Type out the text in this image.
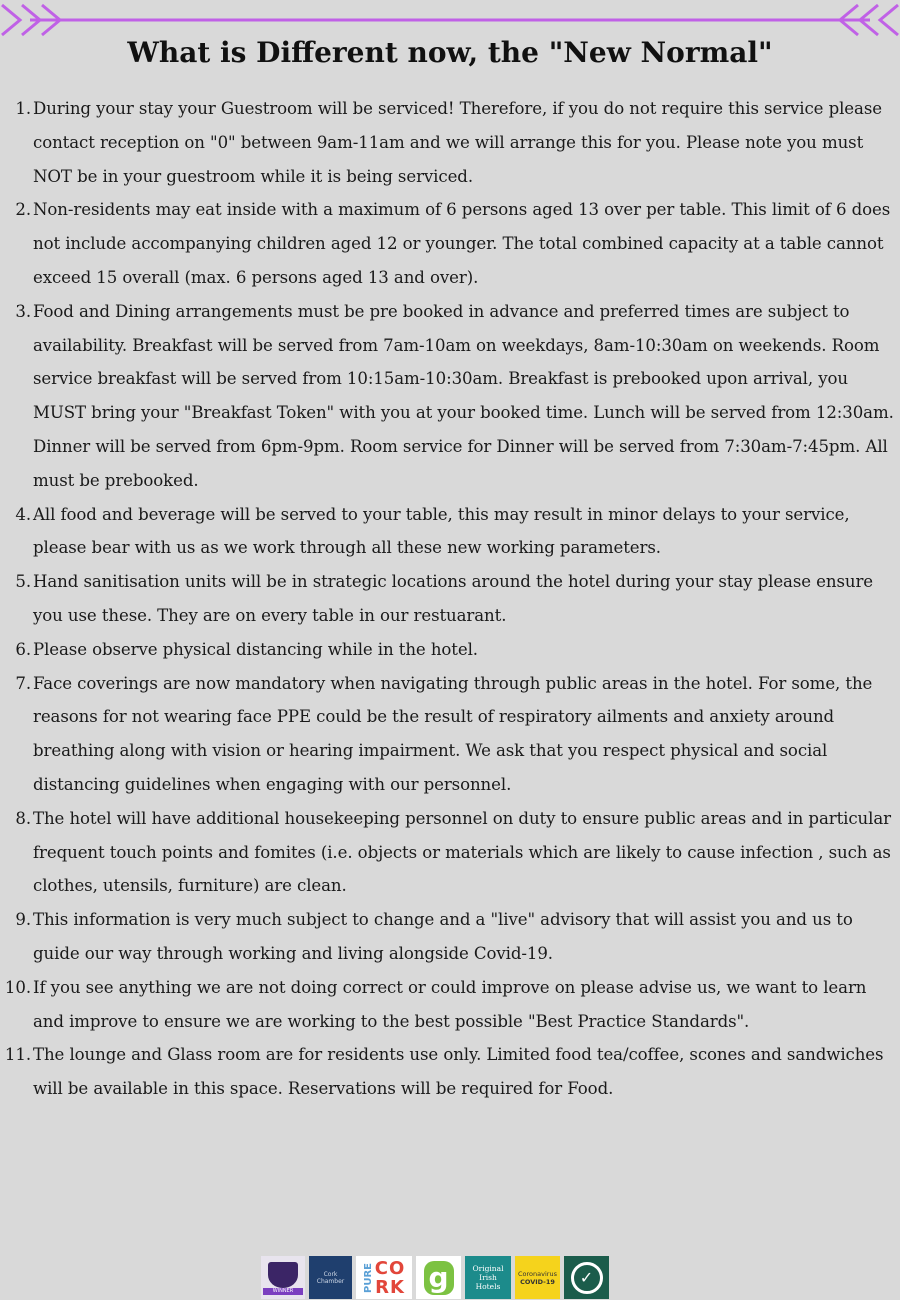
What is Different now, the "New Normal"
1. During your stay your Guestroom will be serviced! Therefore, if you do not require this service please contact reception on "0" between 9am-11am and we will arrange this for you. Please note you must NOT be in your guestroom while it is being serviced.
2. Non-residents may eat inside with a maximum of 6 persons aged 13 over per table. This limit of 6 does not include accompanying children aged 12 or younger. The total combined capacity at a table cannot exceed 15 overall (max. 6 persons aged 13 and over).
3. Food and Dining arrangements must be pre booked in advance and preferred times are subject to availability. Breakfast will be served from 7am-10am on weekdays, 8am-10:30am on weekends. Room service breakfast will be served from 10:15am-10:30am. Breakfast is prebooked upon arrival, you MUST bring your "Breakfast Token" with you at your booked time. Lunch will be served from 12:30am. Dinner will be served from 6pm-9pm. Room service for Dinner will be served from 7:30am-7:45pm. All must be prebooked.
4. All food and beverage will be served to your table, this may result in minor delays to your service, please bear with us as we work through all these new working parameters.
5. Hand sanitisation units will be in strategic locations around the hotel during your stay please ensure you use these. They are on every table in our restuarant.
6. Please observe physical distancing while in the hotel.
7. Face coverings are now mandatory when navigating through public areas in the hotel. For some, the reasons for not wearing face PPE could be the result of respiratory ailments and anxiety around breathing along with vision or hearing impairment. We ask that you respect physical and social distancing guidelines when engaging with our personnel.
8. The hotel will have additional housekeeping personnel on duty to ensure public areas and in particular frequent touch points and fomites (i.e. objects or materials which are likely to cause infection , such as clothes, utensils, furniture) are clean.
9. This information is very much subject to change and a "live" advisory that will assist you and us to guide our way through working and living alongside Covid-19.
10. If you see anything we are not doing correct or could improve on please advise us, we want to learn and improve to ensure we are working to the best possible "Best Practice Standards".
11. The lounge and Glass room are for residents use only. Limited food tea/coffee, scones and sandwiches will be available in this space. Reservations will be required for Food.
WINNER
Cork Chamber	PURE CO
RK g	Original
Irish
Hotels
Coronavirus
COVID-19	✓
